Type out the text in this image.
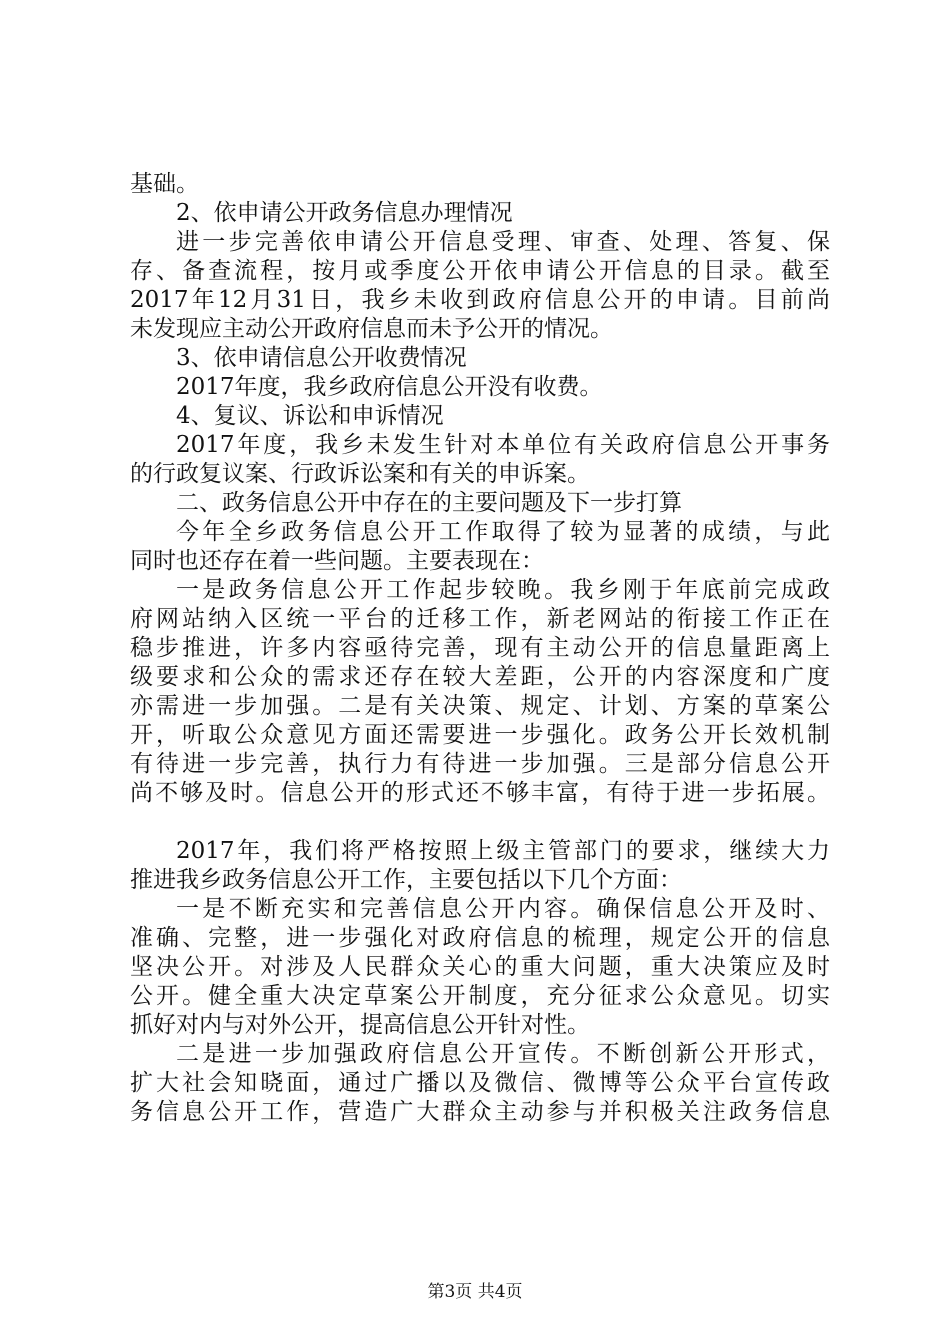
基础。
2、依申请公开政务信息办理情况
进一步完善依申请公开信息受理、审查、处理、答复、保
存、备查流程，按月或季度公开依申请公开信息的目录。截至
2017年12月31日，我乡未收到政府信息公开的申请。目前尚
未发现应主动公开政府信息而未予公开的情况。
3、依申请信息公开收费情况
2017年度，我乡政府信息公开没有收费。
4、复议、诉讼和申诉情况
2017年度，我乡未发生针对本单位有关政府信息公开事务
的行政复议案、行政诉讼案和有关的申诉案。
二、政务信息公开中存在的主要问题及下一步打算
今年全乡政务信息公开工作取得了较为显著的成绩，与此
同时也还存在着一些问题。主要表现在：
一是政务信息公开工作起步较晚。我乡刚于年底前完成政
府网站纳入区统一平台的迁移工作，新老网站的衔接工作正在
稳步推进，许多内容亟待完善，现有主动公开的信息量距离上
级要求和公众的需求还存在较大差距，公开的内容深度和广度
亦需进一步加强。二是有关决策、规定、计划、方案的草案公
开，听取公众意见方面还需要进一步强化。政务公开长效机制
有待进一步完善，执行力有待进一步加强。三是部分信息公开
尚不够及时。信息公开的形式还不够丰富，有待于进一步拓展。
2017年，我们将严格按照上级主管部门的要求，继续大力
推进我乡政务信息公开工作，主要包括以下几个方面：
一是不断充实和完善信息公开内容。确保信息公开及时、
准确、完整，进一步强化对政府信息的梳理，规定公开的信息
坚决公开。对涉及人民群众关心的重大问题，重大决策应及时
公开。健全重大决定草案公开制度，充分征求公众意见。切实
抓好对内与对外公开，提高信息公开针对性。
二是进一步加强政府信息公开宣传。不断创新公开形式，
扩大社会知晓面，通过广播以及微信、微博等公众平台宣传政
务信息公开工作，营造广大群众主动参与并积极关注政务信息
第3页 共4页
